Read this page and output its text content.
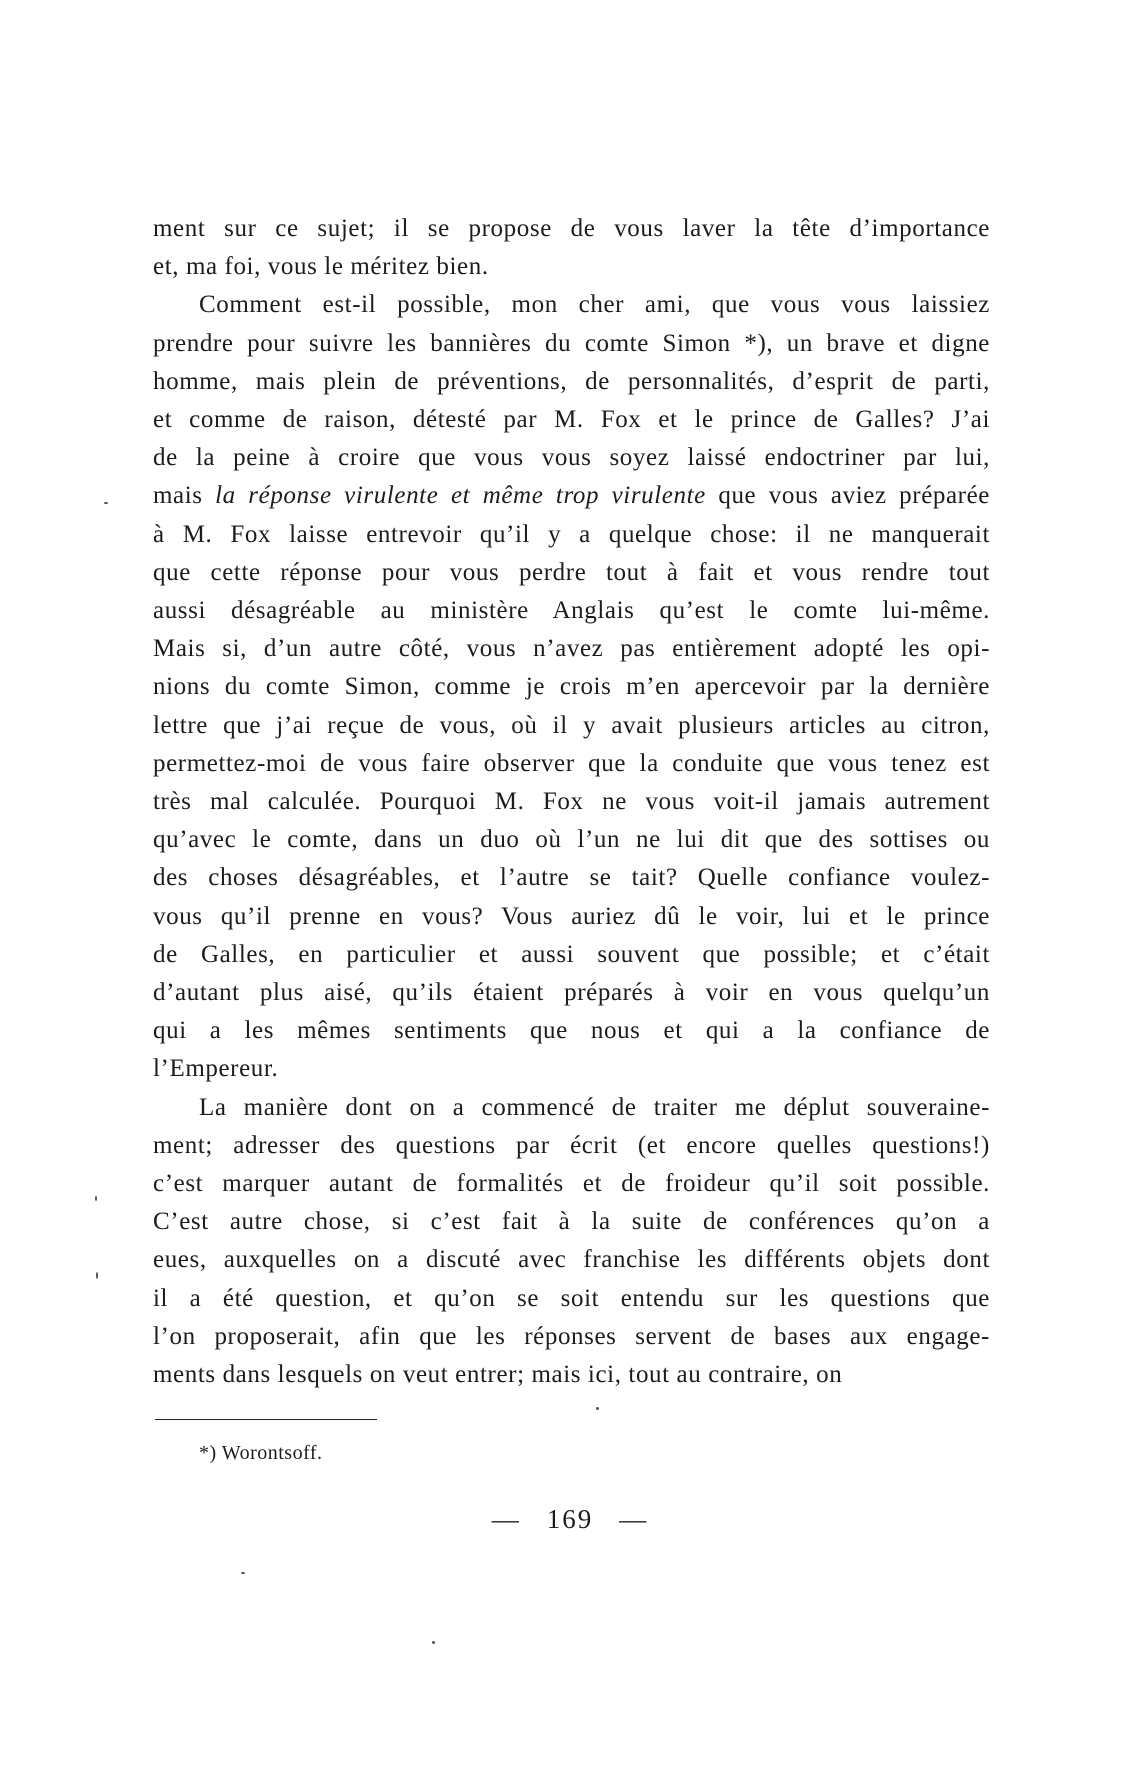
ment sur ce sujet; il se propose de vous laver la tête d’importance
et, ma foi, vous le méritez bien.

Comment est-il possible, mon cher ami, que vous vous laissiez
prendre pour suivre les bannières du comte Simon *), un brave et digne
homme, mais plein de préventions, de personnalités, d’esprit de parti,
et comme de raison, détesté par M. Fox et le prince de Galles? J’ai
de la peine à croire que vous vous soyez laissé endoctriner par lui,
mais la réponse virulente et même trop virulente que vous aviez préparée
à M. Fox laisse entrevoir qu’il y a quelque chose: il ne manquerait
que cette réponse pour vous perdre tout à fait et vous rendre tout
aussi désagréable au ministère Anglais qu’est le comte lui-même.
Mais si, d’un autre côté, vous n’avez pas entièrement adopté les opi-
nions du comte Simon, comme je crois m’en apercevoir par la dernière
lettre que j’ai reçue de vous, où il y avait plusieurs articles au citron,
permettez-moi de vous faire observer que la conduite que vous tenez est
très mal calculée. Pourquoi M. Fox ne vous voit-il jamais autrement
qu’avec le comte, dans un duo où l’un ne lui dit que des sottises ou
des choses désagréables, et l’autre se tait? Quelle confiance voulez-
vous qu’il prenne en vous? Vous auriez dû le voir, lui et le prince
de Galles, en particulier et aussi souvent que possible; et c’était
d’autant plus aisé, qu’ils étaient préparés à voir en vous quelqu’un
qui a les mêmes sentiments que nous et qui a la confiance de
l’Empereur.

La manière dont on a commencé de traiter me déplut souveraine-
ment; adresser des questions par écrit (et encore quelles questions!)
c’est marquer autant de formalités et de froideur qu’il soit possible.
C’est autre chose, si c’est fait à la suite de conférences qu’on a
eues, auxquelles on a discuté avec franchise les différents objets dont
il a été question, et qu’on se soit entendu sur les questions que
l’on proposerait, afin que les réponses servent de bases aux engage-
ments dans lesquels on veut entrer; mais ici, tout au contraire, on

*) Worontsoff.
— 169 —
